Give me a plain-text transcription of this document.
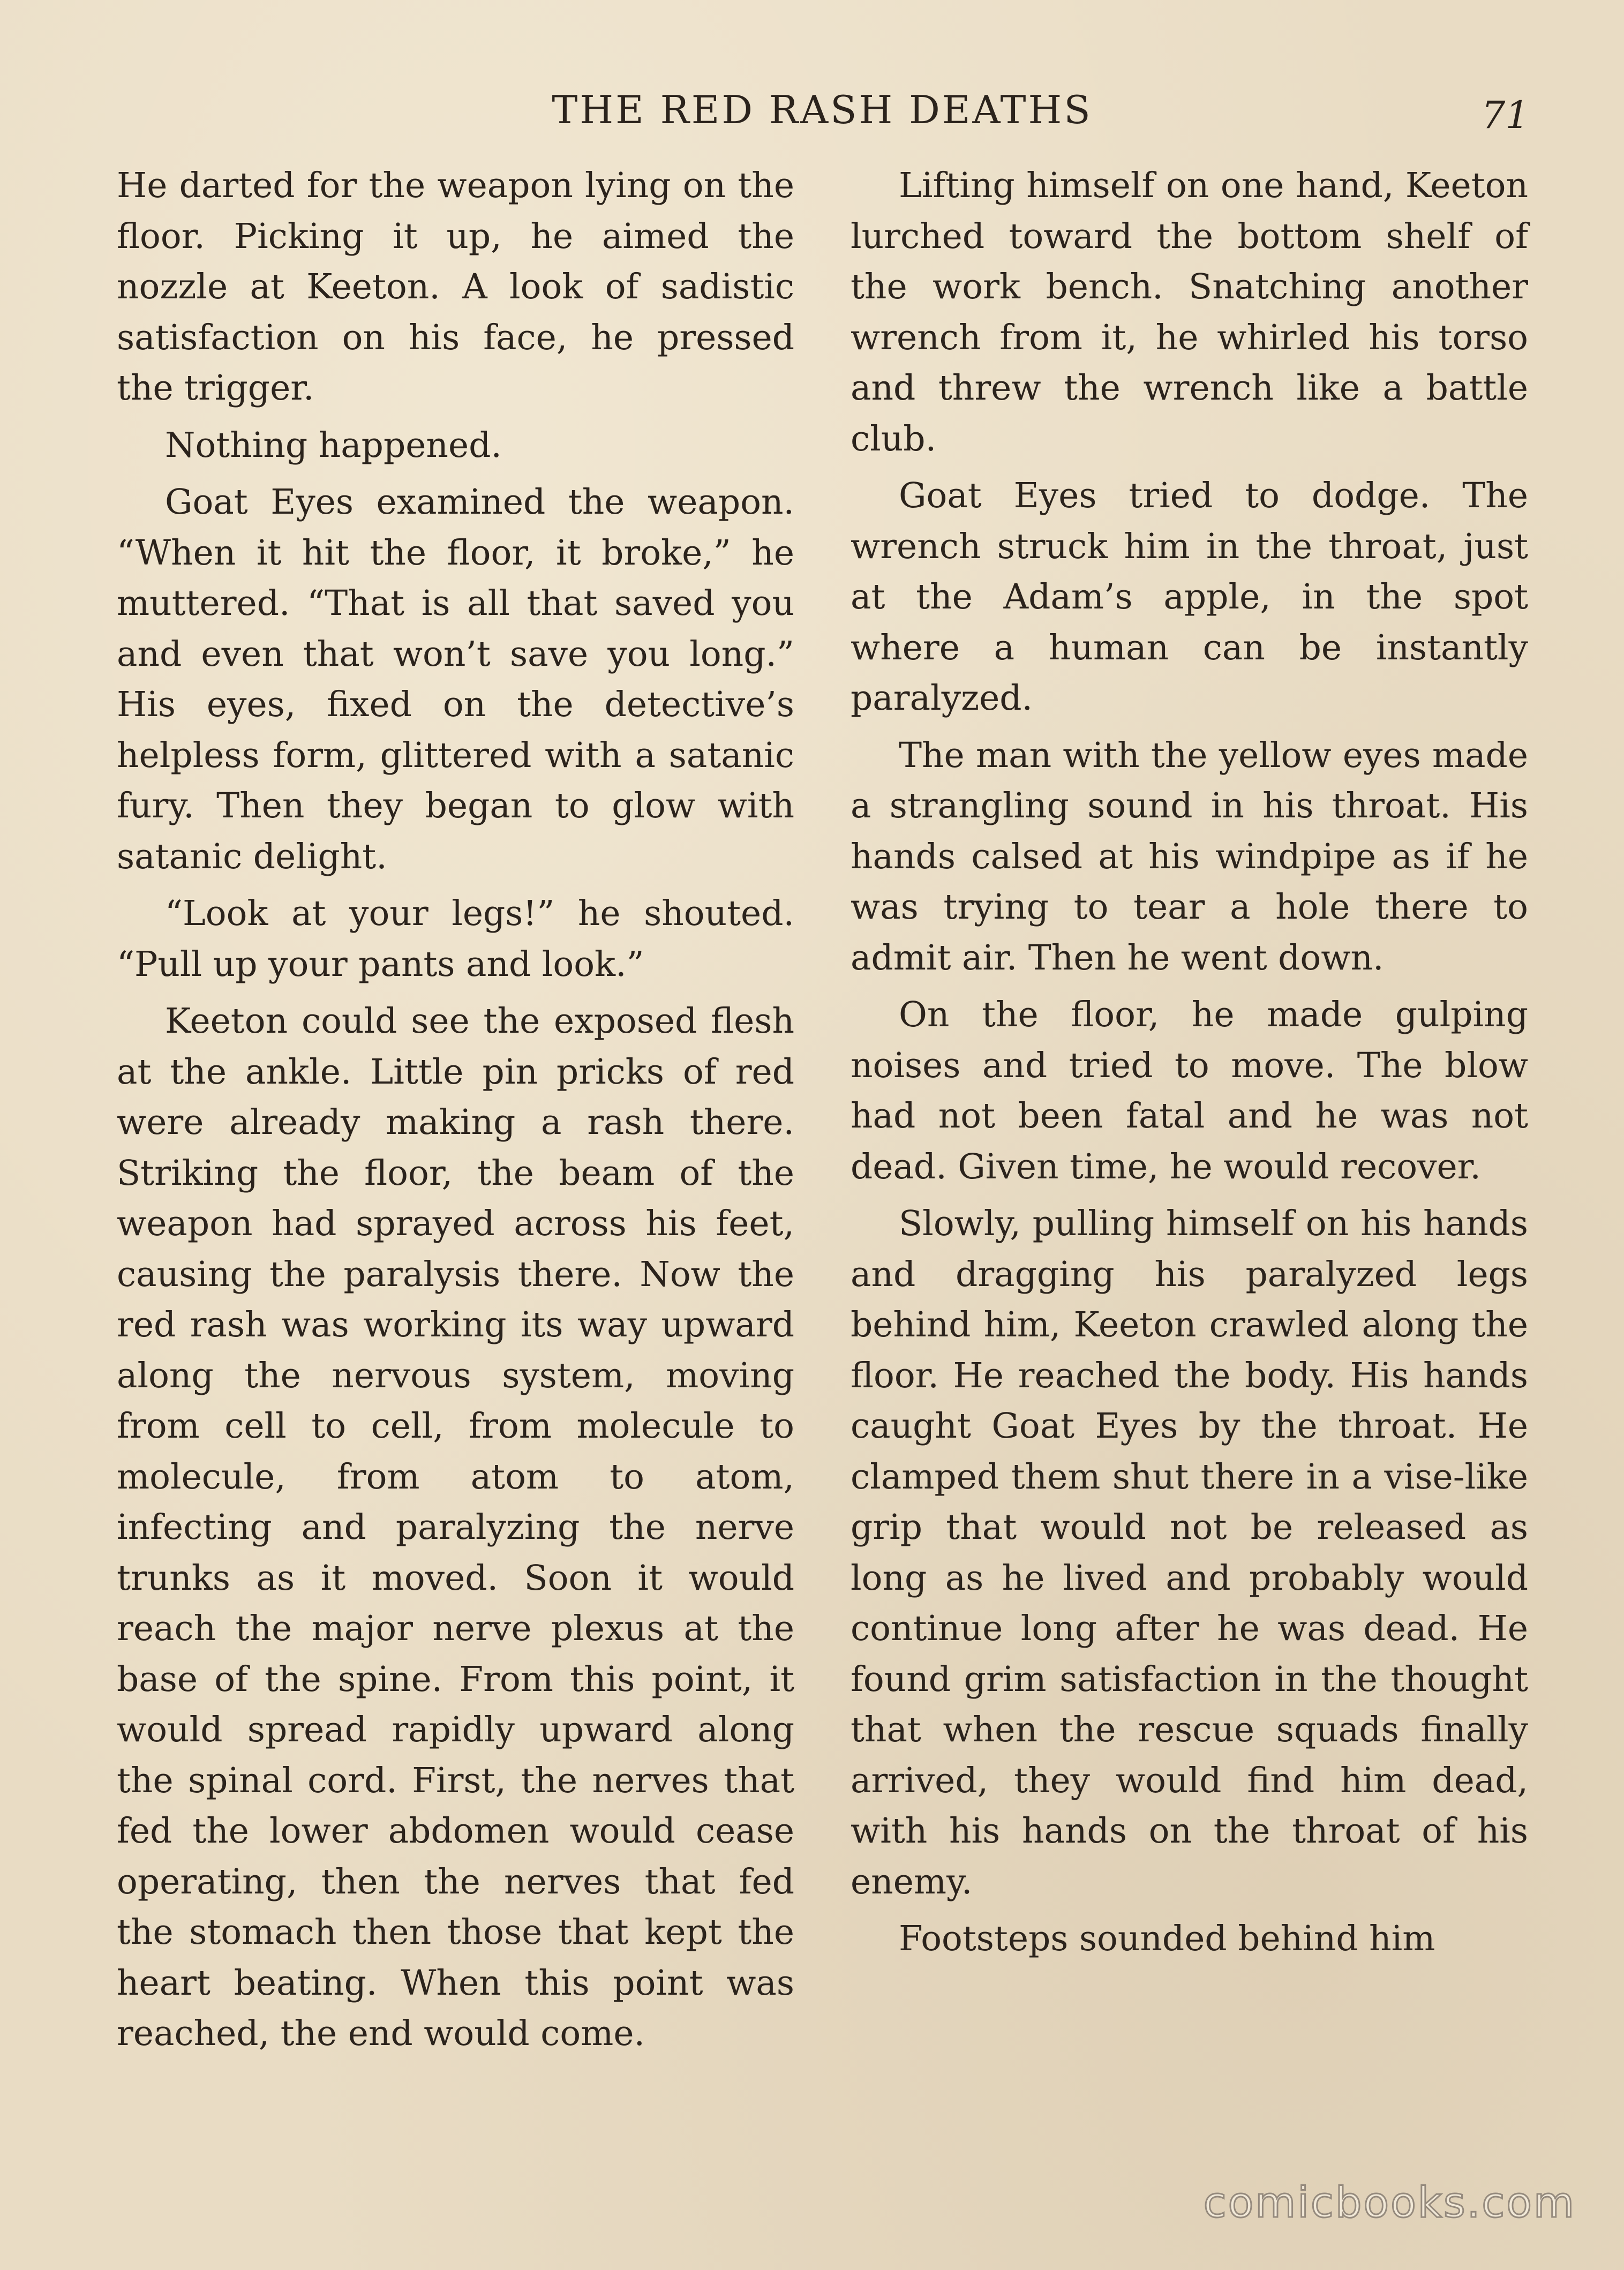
THE RED RASH DEATHS	71

He darted for the weapon lying on the floor. Picking it up, he aimed the nozzle at Keeton. A look of sadistic satisfaction on his face, he pressed the trigger.

Nothing happened.

Goat Eyes examined the weapon. “When it hit the floor, it broke,” he muttered. “That is all that saved you and even that won’t save you long.” His eyes, fixed on the detective’s helpless form, glittered with a satanic fury. Then they began to glow with satanic delight.

“Look at your legs!” he shouted. “Pull up your pants and look.”

Keeton could see the exposed flesh at the ankle. Little pin pricks of red were already making a rash there. Striking the floor, the beam of the weapon had sprayed across his feet, causing the paralysis there. Now the red rash was working its way upward along the nervous system, moving from cell to cell, from molecule to molecule, from atom to atom, infecting and paralyzing the nerve trunks as it moved. Soon it would reach the major nerve plexus at the base of the spine. From this point, it would spread rapidly upward along the spinal cord. First, the nerves that fed the lower abdomen would cease operating, then the nerves that fed the stomach then those that kept the heart beating. When this point was reached, the end would come.

Lifting himself on one hand, Keeton lurched toward the bottom shelf of the work bench. Snatching another wrench from it, he whirled his torso and threw the wrench like a battle club.

Goat Eyes tried to dodge. The wrench struck him in the throat, just at the Adam’s apple, in the spot where a human can be instantly paralyzed.

The man with the yellow eyes made a strangling sound in his throat. His hands calsed at his windpipe as if he was trying to tear a hole there to admit air. Then he went down.

On the floor, he made gulping noises and tried to move. The blow had not been fatal and he was not dead. Given time, he would recover.

Slowly, pulling himself on his hands and dragging his paralyzed legs behind him, Keeton crawled along the floor. He reached the body. His hands caught Goat Eyes by the throat. He clamped them shut there in a vise-like grip that would not be released as long as he lived and probably would continue long after he was dead. He found grim satisfaction in the thought that when the rescue squads finally arrived, they would find him dead, with his hands on the throat of his enemy.

Footsteps sounded behind him

comicbooks.com
